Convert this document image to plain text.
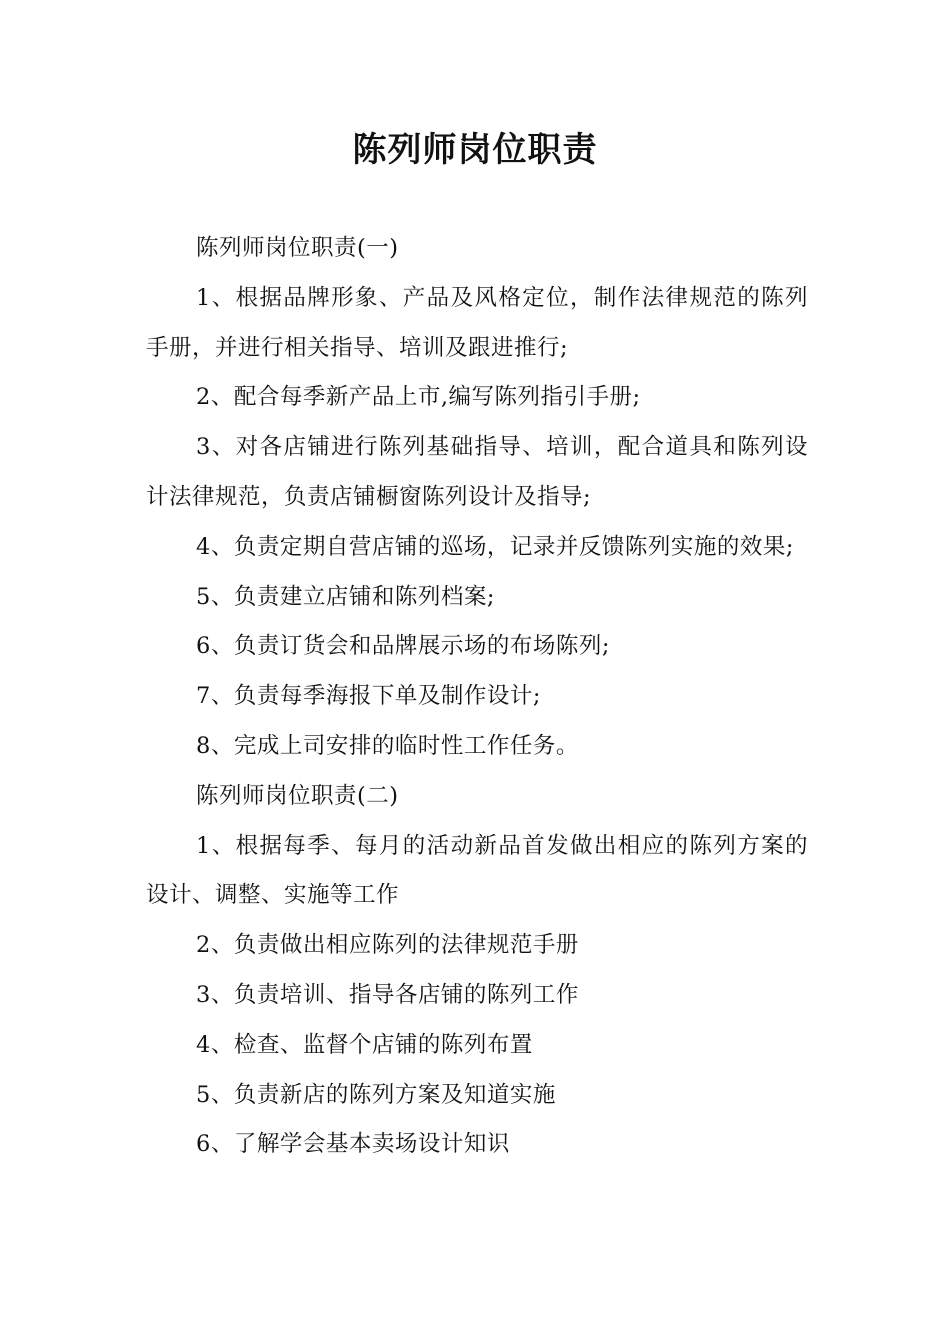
陈列师岗位职责

陈列师岗位职责(一)

1、根据品牌形象、产品及风格定位，制作法律规范的陈列手册，并进行相关指导、培训及跟进推行;

2、配合每季新产品上市,编写陈列指引手册;

3、对各店铺进行陈列基础指导、培训，配合道具和陈列设计法律规范，负责店铺橱窗陈列设计及指导;

4、负责定期自营店铺的巡场，记录并反馈陈列实施的效果;

5、负责建立店铺和陈列档案;

6、负责订货会和品牌展示场的布场陈列;

7、负责每季海报下单及制作设计;

8、完成上司安排的临时性工作任务。

陈列师岗位职责(二)

1、根据每季、每月的活动新品首发做出相应的陈列方案的设计、调整、实施等工作

2、负责做出相应陈列的法律规范手册

3、负责培训、指导各店铺的陈列工作

4、检查、监督个店铺的陈列布置

5、负责新店的陈列方案及知道实施

6、了解学会基本卖场设计知识
